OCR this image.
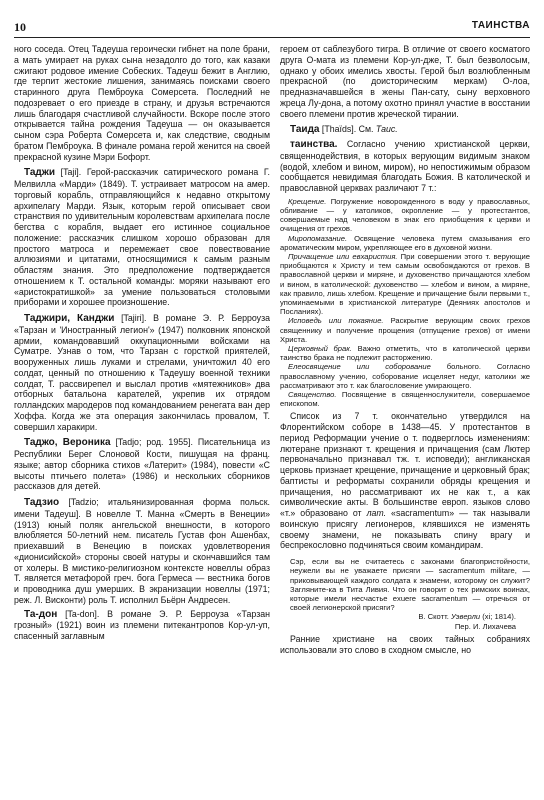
10	ТАИНСТВА

ного соседа. Отец Тадеуша героически гибнет на поле брани, а мать умирает на руках сына незадолго до того, как казаки сжигают родовое имение Собеских. Тадеуш бежит в Англию, где терпит жестокие лишения, занимаясь поисками своего старинного друга Пемброука Сомерсета. Последний не подозревает о его приезде в страну, и друзья встречаются лишь благодаря счастливой случайности. Вскоре после этого открывается тайна рождения Тадеуша — он оказывается сыном сэра Роберта Сомерсета и, как следствие, сводным братом Пемброука. В финале романа герой женится на своей прекрасной кузине Мэри Бофорт.

Таджи [Taji]. Герой-рассказчик сатирического романа Г. Мелвилла «Марди» (1849). Т. устраивает матросом на амер. торговый корабль, отправляющийся к недавно открытому архипелагу Марди. Язык, которым герой описывает свои странствия по удивительным королевствам архипелага после бегства с корабля, выдает его истинное социальное положение: рассказчик слишком хорошо образован для простого матроса и перемежает свое повествование аллюзиями и цитатами, относящимися к самым разным областям знания. Это предположение подтверждается отношением к Т. остальной команды: моряки называют его «аристократишкой» за умение пользоваться столовыми приборами и хорошее произношение.

Таджири, Канджи [Tajiri]. В романе Э. Р. Берроуза «Тарзан и 'Иностранный легион'» (1947) полковник японской армии, командовавший оккупационными войсками на Суматре. Узнав о том, что Тарзан с горсткой приятелей, вооруженных лишь луками и стрелами, уничтожил 40 его солдат, ценный по отношению к Тадеушу военной техники солдат, Т. рассвирепел и выслал против «мятежников» два отборных батальона карателей, укрепив их отрядом голландских мародеров под командованием ренегата ван дер Хоффа. Когда же эта операция закончилась провалом, Т. совершил харакири.

Таджо, Вероника [Tadjo; род. 1955]. Писательница из Республики Берег Слоновой Кости, пишущая на франц. языке; автор сборника стихов «Латерит» (1984), повести «С высоты птичьего полета» (1986) и нескольких сборников рассказов для детей.

Тадзио [Tadzio; итальянизированная форма польск. имени Тадеуш]. В новелле Т. Манна «Смерть в Венеции» (1913) юный поляк ангельской внешности, в которого влюбляется 50-летний нем. писатель Густав фон Ашенбах, приехавший в Венецию в поисках удовлетворения «дионисийской» стороны своей натуры и скончавшийся там от холеры. В мистико-религиозном контексте новеллы образ Т. является метафорой греч. бога Гермеса — вестника богов и проводника душ умерших. В экранизации новеллы (1971; реж. Л. Висконти) роль Т. исполнил Бьёрн Андресен.

Та-дон [Ta-don]. В романе Э. Р. Берроуза «Тарзан грозный» (1921) воин из племени питекантропов Кор-ул-уп, спасенный заглавным

героем от саблезубого тигра. В отличие от своего косматого друга О-мата из племени Кор-ул-дже, Т. был безволосым, однако у обоих имелись хвосты. Герой был возлюбленным прекрасной (по доисторическим меркам) О-лоа, предназначавшейся в жены Пан-сату, сыну верховного жреца Лу-дона, а потому охотно принял участие в восстании своего племени против жреческой тирании.

Таида [Thaïds]. См. Таис.

таинства. Согласно учению христианской церкви, священнодействия, в которых верующим видимым знаком (водой, хлебом и вином, миром), но непостижимым образом сообщается невидимая благодать Божия. В католической и православной церквах различают 7 т.:

Крещение. Погружение новорожденного в воду у православных, обливание — у католиков, окропление — у протестантов, совершаемые над человеком в знак его приобщения к церкви и очищения от грехов.

Миропомазание. Освящение человека путем смазывания его ароматическим миром, укрепляющее его в духовной жизни.

Причащение или евхаристия. При совершении этого т. верующие приобщаются к Христу и тем самым освобождаются от грехов. В православной церкви и мирянe, и духовенство причащаются хлебом и вином, в католической: духовенство — хлебом и вином, а миряне, как правило, лишь хлебом. Крещение и причащение были первыми т., упоминаемыми в христианской литературе (Деяниях апостолов и Посланиях).

Исповедь или покаяние. Раскрытие верующим своих грехов священнику и получение прощения (отпущение грехов) от имени Христа.

Церковный брак. Важно отметить, что в католической церкви таинство брака не подлежит расторжению.

Елеосвящение или соборование больного. Согласно православному учению, соборование исцеляет недуг, католики же рассматривают это т. как благословение умирающего.

Священство. Посвящение в священнослужители, совершаемое епископом.

Список из 7 т. окончательно утвердился на Флорентийском соборе в 1438—45. У протестантов в период Реформации учение о т. подверглось изменениям: лютеране признают т. крещения и причащения (сам Лютер первоначально признавал тж. т. исповеди); англиканская церковь признает крещение, причащение и церковный брак; баптисты и реформаты сохранили обряды крещения и причащения, но рассматривают их не как т., а как символические акты. В большинстве европ. языков слово «т.» образовано от лат. «sacramentum» — так называли воинскую присягу легионеров, клявшихся не изменять своему знамени, не показывать спину врагу и беспрекословно подчиняться своим командирам.

Сэр, если вы не считаетесь с законами благопристойности, неужели вы не уважаете присяги — sacramentum militare, — приковывающей каждого солдата к знамени, которому он служит? Загляните-ка в Тита Ливия. Что он говорит о тех римских воинах, которые имели несчастье exuere sacramentum — отречься от своей легионерской присяги?
В. Скотт. Уэверли (xi; 1814).
Пер. И. Лихачева

Ранние христиане на своих тайных собраниях использовали это слово в сходном смысле, но
